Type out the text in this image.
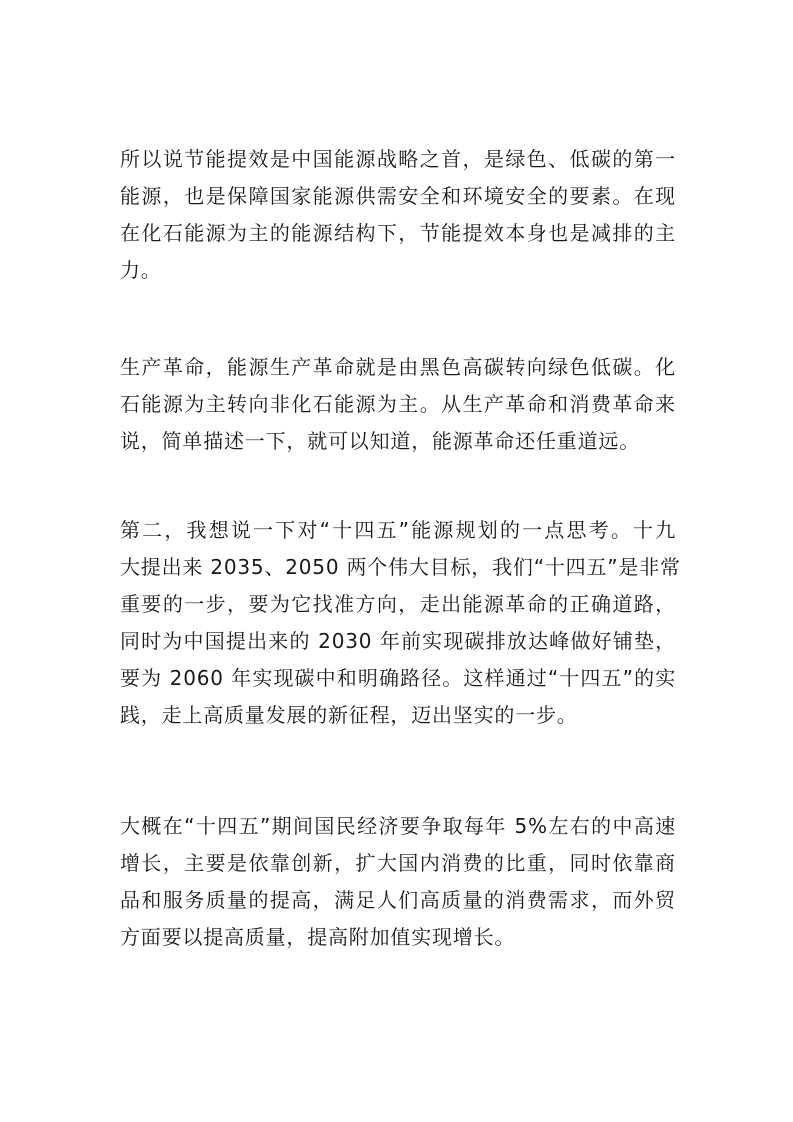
所以说节能提效是中国能源战略之首，是绿色、低碳的第一
能源，也是保障国家能源供需安全和环境安全的要素。在现
在化石能源为主的能源结构下，节能提效本身也是减排的主
力。

生产革命，能源生产革命就是由黑色高碳转向绿色低碳。化
石能源为主转向非化石能源为主。从生产革命和消费革命来
说，简单描述一下，就可以知道，能源革命还任重道远。

第二，我想说一下对“十四五”能源规划的一点思考。十九
大提出来 2035、2050 两个伟大目标，我们“十四五”是非常
重要的一步，要为它找准方向，走出能源革命的正确道路，
同时为中国提出来的 2030 年前实现碳排放达峰做好铺垫，
要为 2060 年实现碳中和明确路径。这样通过“十四五”的实
践，走上高质量发展的新征程，迈出坚实的一步。

大概在“十四五”期间国民经济要争取每年 5%左右的中高速
增长，主要是依靠创新，扩大国内消费的比重，同时依靠商
品和服务质量的提高，满足人们高质量的消费需求，而外贸
方面要以提高质量，提高附加值实现增长。
